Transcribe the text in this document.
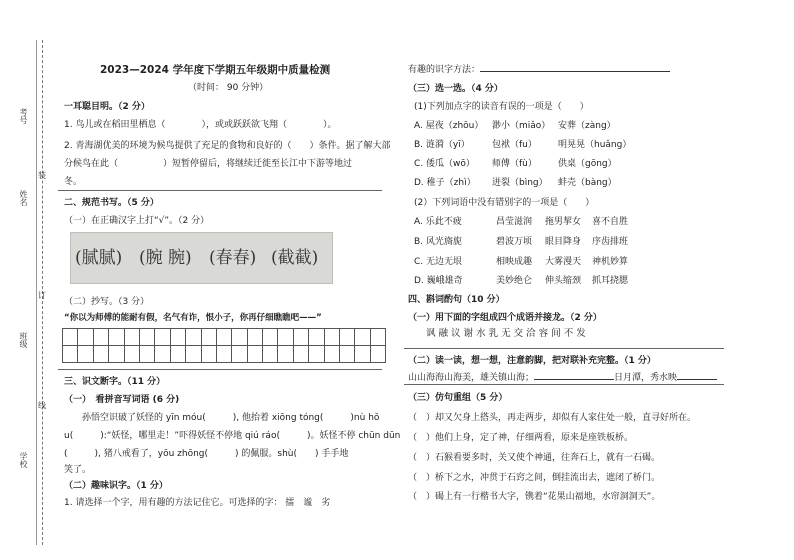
考号
姓名
班级
学校
装
订
线
2023—2024 学年度下学期五年级期中质量检测
（时间： 90 分钟）
一耳聪目明。（2 分）
1. 鸟儿或在稻田里栖息（　　　　），或或跃跃欲飞翔（　　　　）。
2. 青海湖优美的环境为候鸟提供了充足的食物和良好的（　　）条件。据了解大部
分候鸟在此（　　　　　）短暂停留后，将继续迁徙至长江中下游等地过
冬。
二、规范书写。（5 分）
（一）在正确汉字上打“√”。（2 分）
(腻腻) (腕 腕) (春春) (截截)
（二）抄写。（3 分）
“你以为师傅的能耐有假，名气有诈，恨小子，你再仔细瞧瞧吧——”

三、识文断字。（11 分）
（一）　看拼音写词语 (6 分)
孙悟空识破了妖怪的 yīn móu(　　　), 他抬着 xiōng tóng(　　　)nù hǒ
u(　　　):“妖怪，哪里走！”吓得妖怪不停地 qiú ráo(　　　)。妖怪不停 chūn dūn
(　　　), 猪八戒看了，yōu zhōng(　　　) 的佩服。shù(　　) 手手地
笑了。
（二）趣味识字。（1 分）
1. 请选择一个字，用有趣的方法记住它。可选择的字： 擂　谧　劣
有趣的识字方法：
（三）选一选。（4 分）
(1)下列加点字的读音有误的一项是（　　）
A. 屋夜（zhōu） 渺小（miǎo） 安葬（zàng）
B. 涟漪（yī） 包袱（fu） 明晃晃（huǎng）
C. 倭瓜（wō） 师傅（fù） 供桌（gōng）
D. 稚子（zhì） 迸裂（bìng） 蚌壳（bàng）
(2）下列词语中没有错别字的一项是（　　）
A. 乐此不疲	昌莹滋润 拖男挈女 喜不自胜
B. 风光旖旎	碧波万顷 眼目降身 序齿排班
C. 无边无垠	相映成趣 大雾漫天 神机妙算
D. 巍峨雄奇	美妙绝仑 伸头缩颈 抓耳挠腮
四、斟词酌句（10 分）
（一）用下面的字组成四个成语并接龙。（2 分）
讽 融 议 谢 水 乳 无 交 洽 容 间 不 发
（二）读一读，想一想，注意韵脚，把对联补充完整。（1 分）
山山海海山海美，雄关镇山海；	日月潭，秀水映
（三）仿句重组（5 分）
（　）却又欠身上搭头，再走两步，却似有人家住处一般，直寻好所在。
（　）他们上身，定了神，仔细两看，原来是座铁板桥。
（　）石猴看要多时，关又使个神通，往奔石上，就有一石碣。
（　）桥下之水，冲贯于石窍之间，倒挂流出去，遮闭了桥门。
（　）碣上有一行楷书大字，镌着“花果山福地，水帘洞洞天”。
